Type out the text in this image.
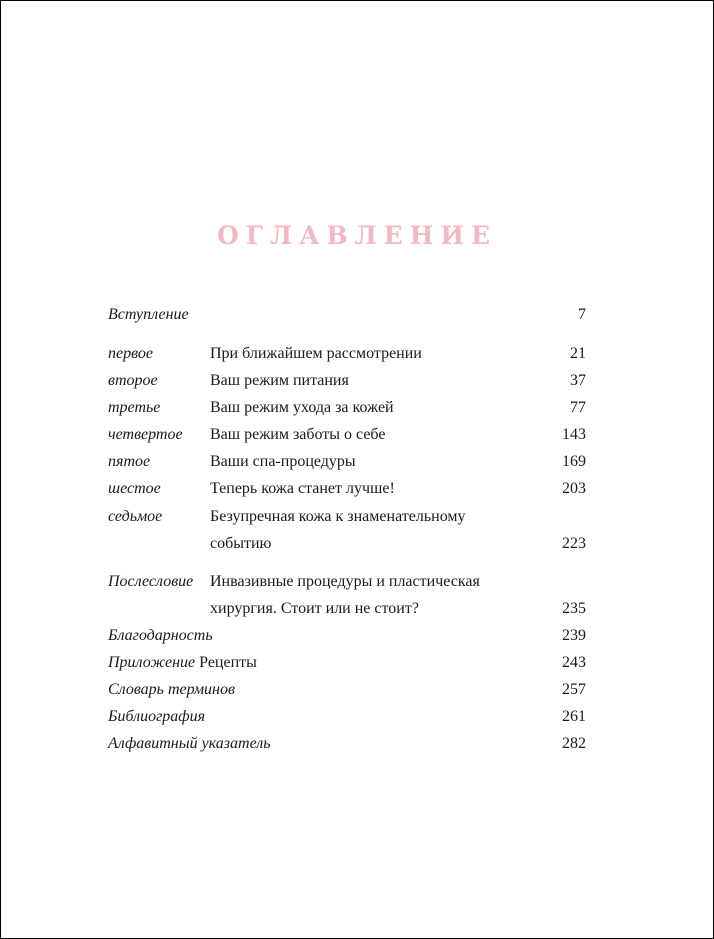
ОГЛАВЛЕНИЕ
Вступление	7
первое	При ближайшем рассмотрении	21
второе	Ваш режим питания	37
третье	Ваш режим ухода за кожей	77
четвертое Ваш режим заботы о себе	143
пятое	Ваши спа-процедуры	169
шестое	Теперь кожа станет лучше!	203
седьмое	Безупречная кожа к знаменательному
событию	223
Послесловие Инвазивные процедуры и пластическая
хирургия. Стоит или не стоит?	235
Благодарность	239
Приложение Рецепты	243
Словарь терминов	257
Библиография	261
Алфавитный указатель	282
